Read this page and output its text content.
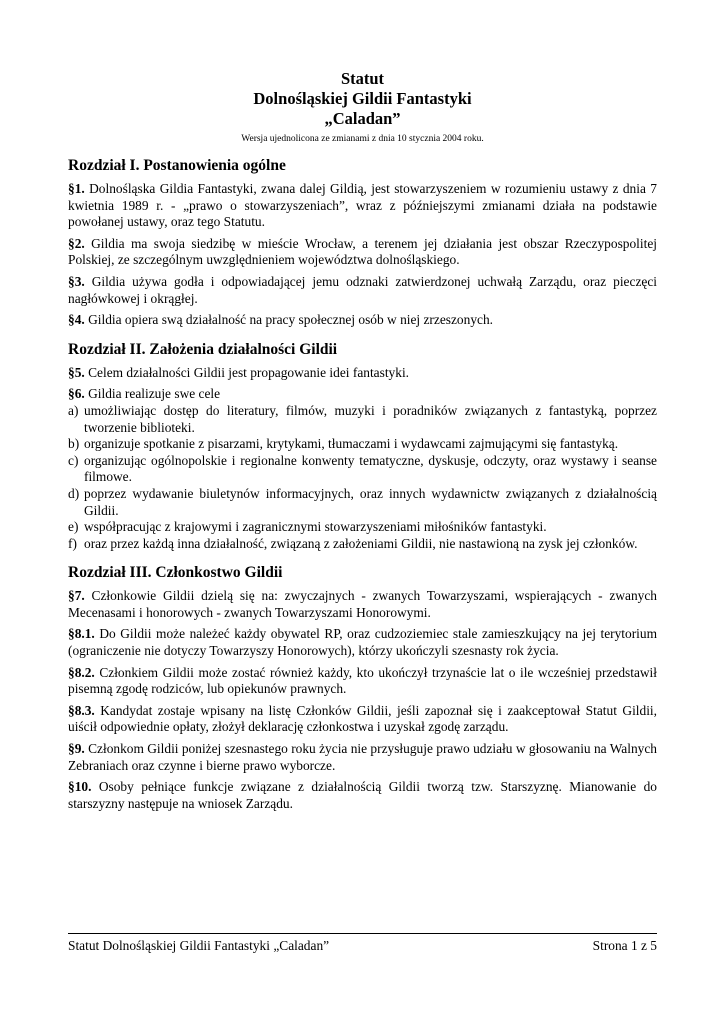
Statut
Dolnośląskiej Gildii Fantastyki
„Caladan”
Wersja ujednolicona ze zmianami z dnia 10 stycznia 2004 roku.
Rozdział I. Postanowienia ogólne

§1. Dolnośląska Gildia Fantastyki, zwana dalej Gildią, jest stowarzyszeniem w rozumieniu ustawy z dnia 7 kwietnia 1989 r. - „prawo o stowarzyszeniach”, wraz z późniejszymi zmianami działa na podstawie powołanej ustawy, oraz tego Statutu.

§2. Gildia ma swoja siedzibę w mieście Wrocław, a terenem jej działania jest obszar Rzeczypospolitej Polskiej, ze szczególnym uwzględnieniem województwa dolnośląskiego.

§3. Gildia używa godła i odpowiadającej jemu odznaki zatwierdzonej uchwałą Zarządu, oraz pieczęci nagłówkowej i okrągłej.

§4. Gildia opiera swą działalność na pracy społecznej osób w niej zrzeszonych.

Rozdział II. Założenia działalności Gildii

§5. Celem działalności Gildii jest propagowanie idei fantastyki.

§6. Gildia realizuje swe cele

a) umożliwiając dostęp do literatury, filmów, muzyki i poradników związanych z fantastyką, poprzez tworzenie biblioteki.
b) organizuje spotkanie z pisarzami, krytykami, tłumaczami i wydawcami zajmującymi się fantastyką.
c) organizując ogólnopolskie i regionalne konwenty tematyczne, dyskusje, odczyty, oraz wystawy i seanse filmowe.
d) poprzez wydawanie biuletynów informacyjnych, oraz innych wydawnictw związanych z działalnością Gildii.
e) współpracując z krajowymi i zagranicznymi stowarzyszeniami miłośników fantastyki.
f) oraz przez każdą inna działalność, związaną z założeniami Gildii, nie nastawioną na zysk jej członków.
Rozdział III. Członkostwo Gildii

§7. Członkowie Gildii dzielą się na: zwyczajnych - zwanych Towarzyszami, wspierających - zwanych Mecenasami i honorowych - zwanych Towarzyszami Honorowymi.

§8.1. Do Gildii może należeć każdy obywatel RP, oraz cudzoziemiec stale zamieszkujący na jej terytorium (ograniczenie nie dotyczy Towarzyszy Honorowych), którzy ukończyli szesnasty rok życia.

§8.2. Członkiem Gildii może zostać również każdy, kto ukończył trzynaście lat o ile wcześniej przedstawił pisemną zgodę rodziców, lub opiekunów prawnych.

§8.3. Kandydat zostaje wpisany na listę Członków Gildii, jeśli zapoznał się i zaakceptował Statut Gildii, uiścił odpowiednie opłaty, złożył deklarację członkostwa i uzyskał zgodę zarządu.

§9. Członkom Gildii poniżej szesnastego roku życia nie przysługuje prawo udziału w głosowaniu na Walnych Zebraniach oraz czynne i bierne prawo wyborcze.

§10. Osoby pełniące funkcje związane z działalnością Gildii tworzą tzw. Starszyznę. Mianowanie do starszyzny następuje na wniosek Zarządu.

Statut Dolnośląskiej Gildii Fantastyki „Caladan”	Strona 1 z 5
